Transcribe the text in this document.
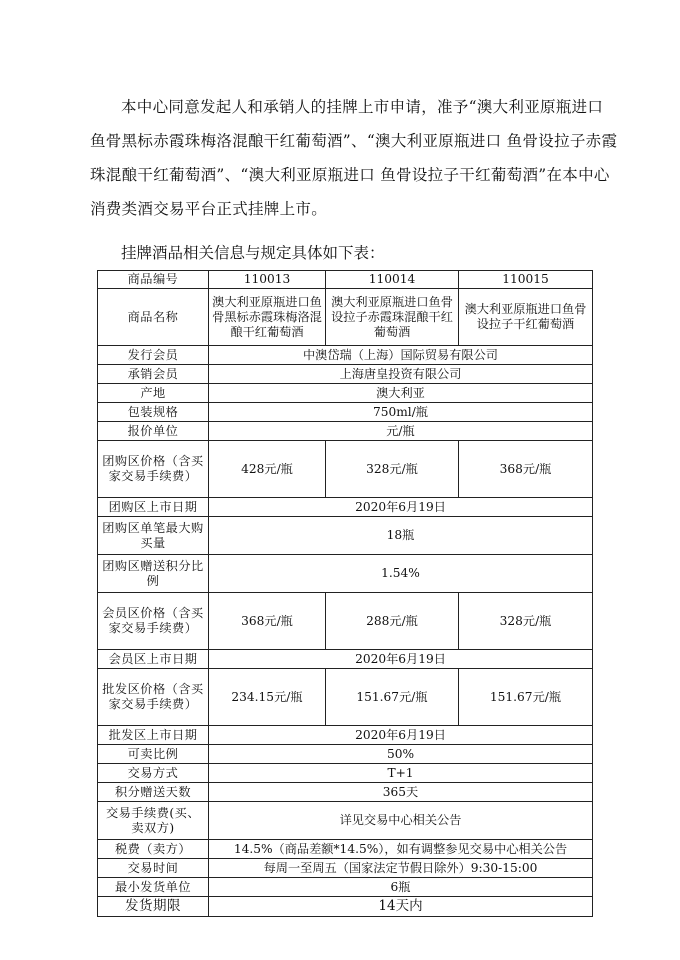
本中心同意发起人和承销人的挂牌上市申请，准予“澳大利亚原瓶进口 鱼骨黑标赤霞珠梅洛混酿干红葡萄酒”、“澳大利亚原瓶进口 鱼骨设拉子赤霞珠混酿干红葡萄酒”、“澳大利亚原瓶进口 鱼骨设拉子干红葡萄酒”在本中心消费类酒交易平台正式挂牌上市。

挂牌酒品相关信息与规定具体如下表：

商品编号	110013	110014	110015
商品名称	澳大利亚原瓶进口鱼骨黑标赤霞珠梅洛混酿干红葡萄酒	澳大利亚原瓶进口鱼骨设拉子赤霞珠混酿干红葡萄酒	澳大利亚原瓶进口鱼骨设拉子干红葡萄酒
发行会员	中澳岱瑞（上海）国际贸易有限公司		
承销会员	上海唐皇投资有限公司		
产地	澳大利亚		
包装规格	750ml/瓶		
报价单位	元/瓶		
团购区价格（含买家交易手续费）	428元/瓶	328元/瓶	368元/瓶
团购区上市日期	2020年6月19日		
团购区单笔最大购买量	18瓶		
团购区赠送积分比例	1.54%		
会员区价格（含买家交易手续费）	368元/瓶	288元/瓶	328元/瓶
会员区上市日期	2020年6月19日		
批发区价格（含买家交易手续费）	234.15元/瓶	151.67元/瓶	151.67元/瓶
批发区上市日期	2020年6月19日		
可卖比例	50%		
交易方式	T+1		
积分赠送天数	365天		
交易手续费(买、卖双方)	详见交易中心相关公告		
税费（卖方）	14.5%（商品差额*14.5%），如有调整参见交易中心相关公告		
交易时间	每周一至周五（国家法定节假日除外）9:30-15:00		
最小发货单位	6瓶		
发货期限	14天内		
